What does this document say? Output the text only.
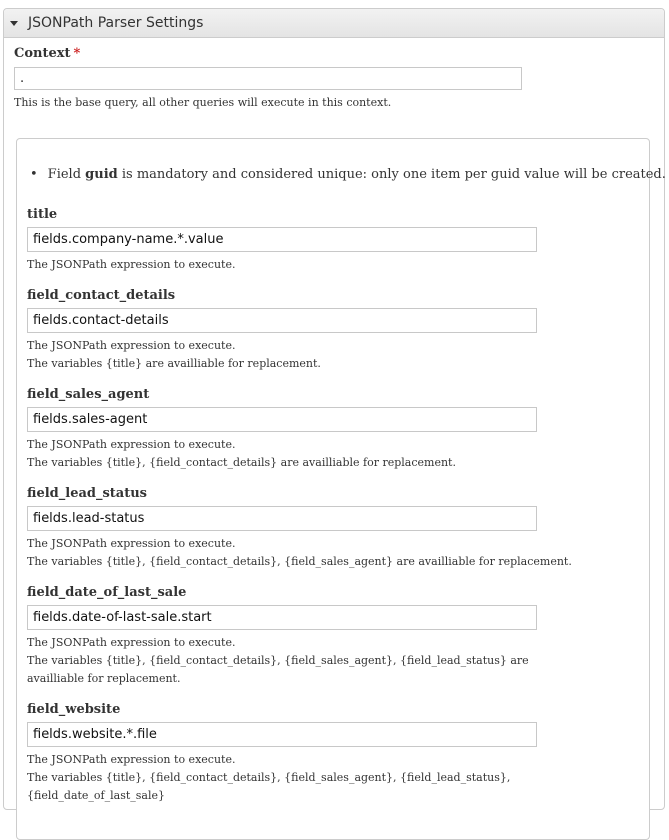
JSONPath Parser Settings
Context *
.
This is the base query, all other queries will execute in this context.
• Field guid is mandatory and considered unique: only one item per guid value will be created.
title
fields.company-name.*.value
The JSONPath expression to execute.
field_contact_details
fields.contact-details
The JSONPath expression to execute.
The variables {title} are availliable for replacement.
field_sales_agent
fields.sales-agent
The JSONPath expression to execute.
The variables {title}, {field_contact_details} are availliable for replacement.
field_lead_status
fields.lead-status
The JSONPath expression to execute.
The variables {title}, {field_contact_details}, {field_sales_agent} are availliable for replacement.
field_date_of_last_sale
fields.date-of-last-sale.start
The JSONPath expression to execute.
The variables {title}, {field_contact_details}, {field_sales_agent}, {field_lead_status} are availliable for replacement.
field_website
fields.website.*.file
The JSONPath expression to execute.
The variables {title}, {field_contact_details}, {field_sales_agent}, {field_lead_status}, {field_date_of_last_sale}
